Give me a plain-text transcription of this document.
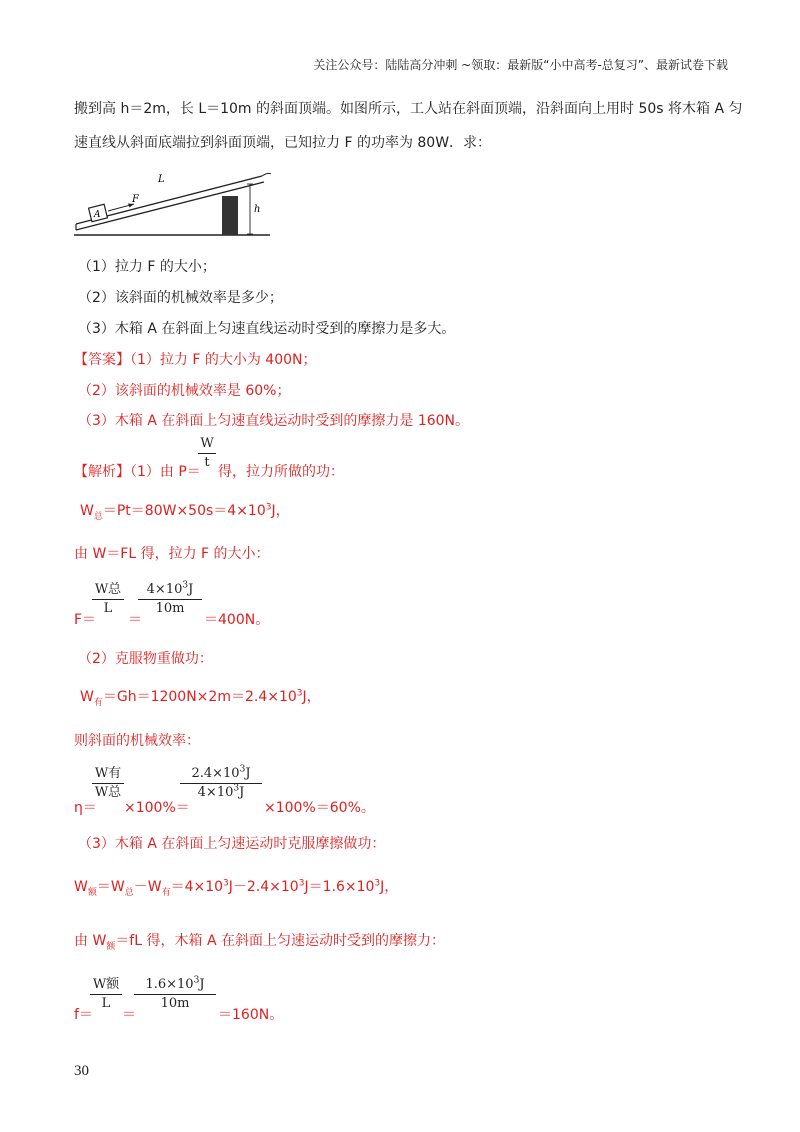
关注公众号：陆陆高分冲刺 ~领取：最新版“小中高考-总复习”、最新试卷下载
搬到高 h＝2m，长 L＝10m 的斜面顶端。如图所示，工人站在斜面顶端，沿斜面向上用时 50s 将木箱 A 匀
速直线从斜面底端拉到斜面顶端，已知拉力 F 的功率为 80W．求：
h
A
F
L
（1）拉力 F 的大小；
（2）该斜面的机械效率是多少；
（3）木箱 A 在斜面上匀速直线运动时受到的摩擦力是多大。
【答案】（1）拉力 F 的大小为 400N；
（2）该斜面的机械效率是 60%；
（3）木箱 A 在斜面上匀速直线运动时受到的摩擦力是 160N。
【解析】（1）由 P＝
W
t
得，拉力所做的功：
$W_总=Pt=80W\times 50s=4\times 10^3J$，
由 W＝FL 得，拉力 F 的大小：
F＝
W总
L
＝
$4\times 10^3J$
10m
＝400N。
（2）克服物重做功：
$W_有=Gh=1200N\times 2m=2.4\times 10^3J$，
则斜面的机械效率：
η＝
W有
W总
×100%＝
$2.4\times 10^3J$
$4\times 10^3J$
×100%＝60%。
（3）木箱 A 在斜面上匀速运动时克服摩擦做功：
$W_额=W_总-W_有=4\times 10^3J-2.4\times 10^3J=1.6\times 10^3J$，
由 $W_额=fL$ 得，木箱 A 在斜面上匀速运动时受到的摩擦力：
f＝
W额
L
＝
$1.6\times 10^3J$
10m
＝160N。
30
